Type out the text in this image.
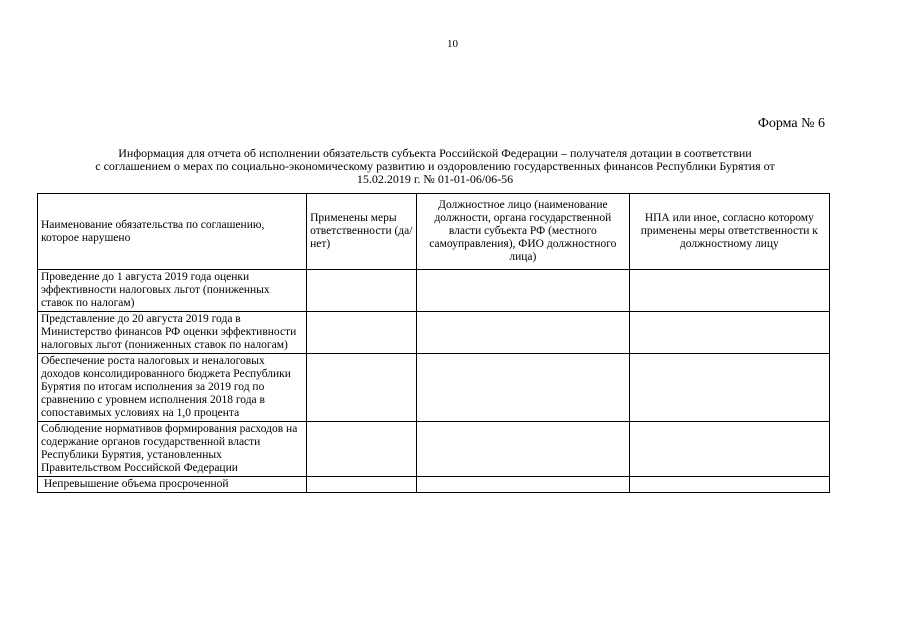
10
Форма № 6
Информация для отчета об исполнении обязательств субъекта Российской Федерации – получателя дотации в соответствии
с соглашением о мерах по социально-экономическому развитию и оздоровлению государственных финансов Республики Бурятия от
15.02.2019 г. № 01-01-06/06-56
Наименование обязательства по соглашению, которое нарушено	Применены меры ответственности (да/нет)	Должностное лицо (наименование должности, органа государственной власти субъекта РФ (местного самоуправления), ФИО должностного лица)	НПА или иное, согласно которому применены меры ответственности к должностному лицу
Проведение до 1 августа 2019 года оценки эффективности налоговых льгот (пониженных ставок по налогам)			
Представление до 20 августа 2019 года в Министерство финансов РФ оценки эффективности налоговых льгот (пониженных ставок по налогам)			
Обеспечение роста налоговых и неналоговых доходов консолидированного бюджета Республики Бурятия по итогам исполнения за 2019 год по сравнению с уровнем исполнения 2018 года в сопоставимых условиях на 1,0 процента			
Соблюдение нормативов формирования расходов на содержание органов государственной власти Республики Бурятия, установленных Правительством Российской Федерации			
Непревышение объема просроченной			
